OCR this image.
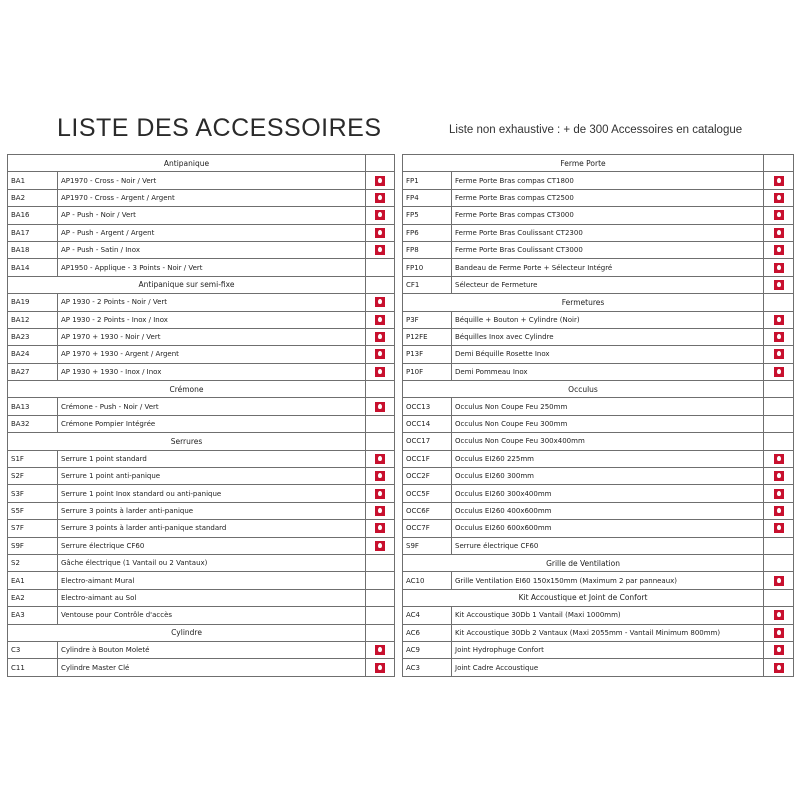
LISTE DES ACCESSOIRES	Liste non exhaustive : + de 300 Accessoires en catalogue
Antipanique		
BA1	AP1970 - Cross - Noir / Vert	
BA2	AP1970 - Cross - Argent / Argent	
BA16	AP - Push - Noir / Vert	
BA17	AP - Push - Argent / Argent	
BA18	AP - Push - Satin / Inox	
BA14	AP1950 - Applique - 3 Points - Noir / Vert	
Antipanique sur semi-fixe		
BA19	AP 1930 - 2 Points - Noir / Vert	
BA12	AP 1930 - 2 Points - Inox / Inox	
BA23	AP 1970 + 1930 - Noir / Vert	
BA24	AP 1970 + 1930 - Argent / Argent	
BA27	AP 1930 + 1930 - Inox / Inox	
Crémone		
BA13	Crémone - Push - Noir / Vert	
BA32	Crémone Pompier Intégrée	
Serrures		
S1F	Serrure 1 point standard	
S2F	Serrure 1 point anti-panique	
S3F	Serrure 1 point Inox standard ou anti-panique	
S5F	Serrure 3 points à larder anti-panique	
S7F	Serrure 3 points à larder anti-panique standard	
S9F	Serrure électrique CF60	
S2	Gâche électrique (1 Vantail ou 2 Vantaux)	
EA1	Electro-aimant Mural	
EA2	Electro-aimant au Sol	
EA3	Ventouse pour Contrôle d'accès	
Cylindre		
C3	Cylindre à Bouton Moleté	
C11	Cylindre Master Clé	
Ferme Porte		
FP1	Ferme Porte Bras compas CT1800	
FP4	Ferme Porte Bras compas CT2500	
FP5	Ferme Porte Bras compas CT3000	
FP6	Ferme Porte Bras Coulissant CT2300	
FP8	Ferme Porte Bras Coulissant CT3000	
FP10	Bandeau de Ferme Porte + Sélecteur Intégré	
CF1	Sélecteur de Fermeture	
Fermetures		
P3F	Béquille + Bouton + Cylindre (Noir)	
P12FE	Béquilles Inox avec Cylindre	
P13F	Demi Béquille Rosette Inox	
P10F	Demi Pommeau Inox	
Occulus		
OCC13	Occulus Non Coupe Feu 250mm	
OCC14	Occulus Non Coupe Feu 300mm	
OCC17	Occulus Non Coupe Feu 300x400mm	
OCC1F	Occulus EI260 225mm	
OCC2F	Occulus EI260 300mm	
OCC5F	Occulus EI260 300x400mm	
OCC6F	Occulus EI260 400x600mm	
OCC7F	Occulus EI260 600x600mm	
S9F	Serrure électrique CF60	
Grille de Ventilation		
AC10	Grille Ventilation EI60 150x150mm (Maximum 2 par panneaux)	
Kit Accoustique et Joint de Confort		
AC4	Kit Accoustique 30Db 1 Vantail (Maxi 1000mm)	
AC6	Kit Accoustique 30Db 2 Vantaux (Maxi 2055mm - Vantail Minimum 800mm)	
AC9	Joint Hydrophuge Confort	
AC3	Joint Cadre Accoustique	
